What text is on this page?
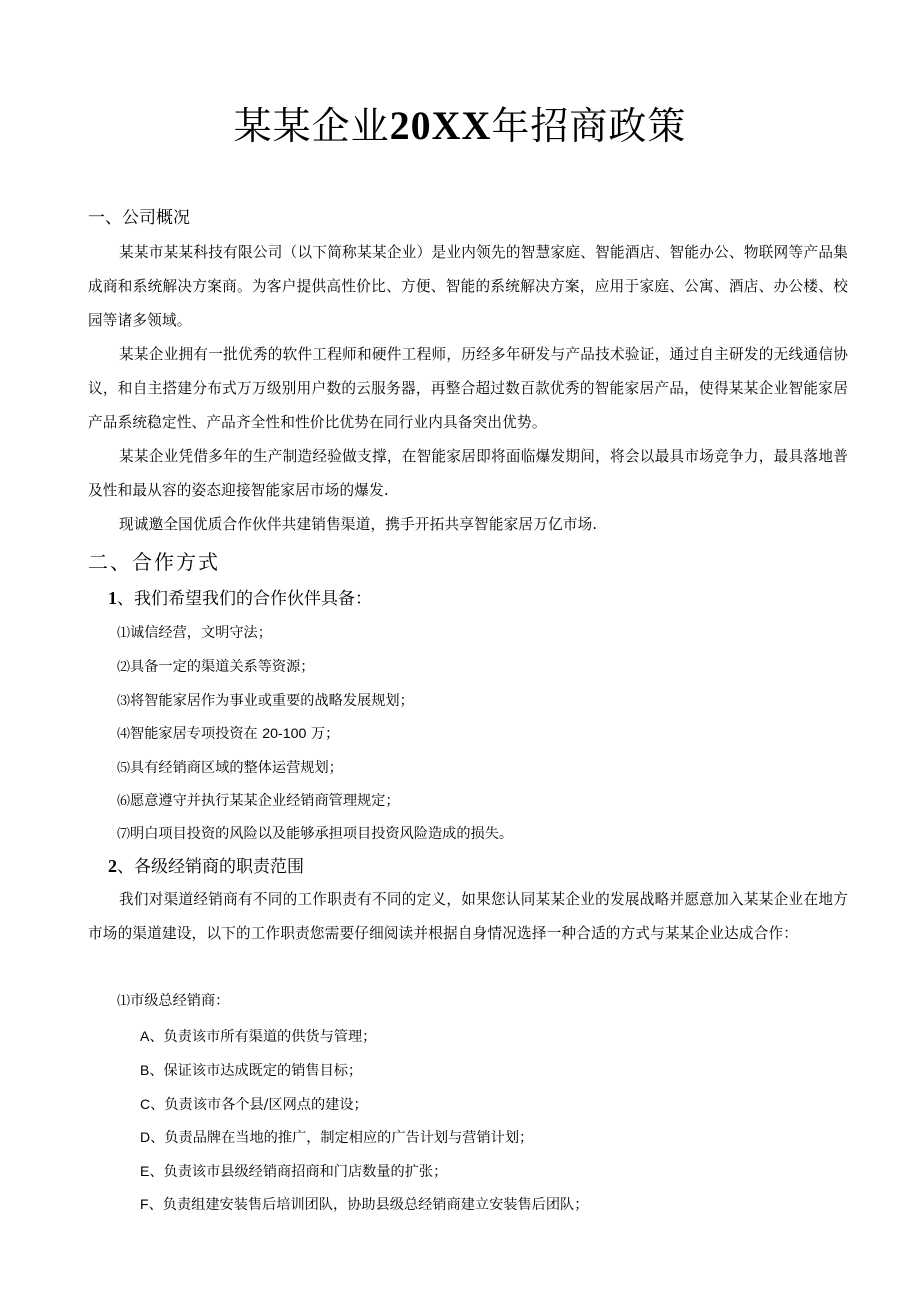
某某企业20XX年招商政策
一、公司概况
某某市某某科技有限公司（以下简称某某企业）是业内领先的智慧家庭、智能酒店、智能办公、物联网等产品集成商和系统解决方案商。为客户提供高性价比、方便、智能的系统解决方案，应用于家庭、公寓、酒店、办公楼、校园等诸多领域。
某某企业拥有一批优秀的软件工程师和硬件工程师，历经多年研发与产品技术验证，通过自主研发的无线通信协议，和自主搭建分布式万万级别用户数的云服务器，再整合超过数百款优秀的智能家居产品，使得某某企业智能家居产品系统稳定性、产品齐全性和性价比优势在同行业内具备突出优势。
某某企业凭借多年的生产制造经验做支撑，在智能家居即将面临爆发期间，将会以最具市场竞争力，最具落地普及性和最从容的姿态迎接智能家居市场的爆发.
现诚邀全国优质合作伙伴共建销售渠道，携手开拓共享智能家居万亿市场.
二、合作方式
1、我们希望我们的合作伙伴具备：
⑴诚信经营，文明守法；
⑵具备一定的渠道关系等资源；
⑶将智能家居作为事业或重要的战略发展规划；
⑷智能家居专项投资在 20-100 万；
⑸具有经销商区域的整体运营规划；
⑹愿意遵守并执行某某企业经销商管理规定；
⑺明白项目投资的风险以及能够承担项目投资风险造成的损失。
2、各级经销商的职责范围
我们对渠道经销商有不同的工作职责有不同的定义，如果您认同某某企业的发展战略并愿意加入某某企业在地方市场的渠道建设，以下的工作职责您需要仔细阅读并根据自身情况选择一种合适的方式与某某企业达成合作：
⑴市级总经销商：
A、负责该市所有渠道的供货与管理；
B、保证该市达成既定的销售目标；
C、负责该市各个县/区网点的建设；
D、负责品牌在当地的推广，制定相应的广告计划与营销计划；
E、负责该市县级经销商招商和门店数量的扩张；
F、负责组建安装售后培训团队，协助县级总经销商建立安装售后团队；
